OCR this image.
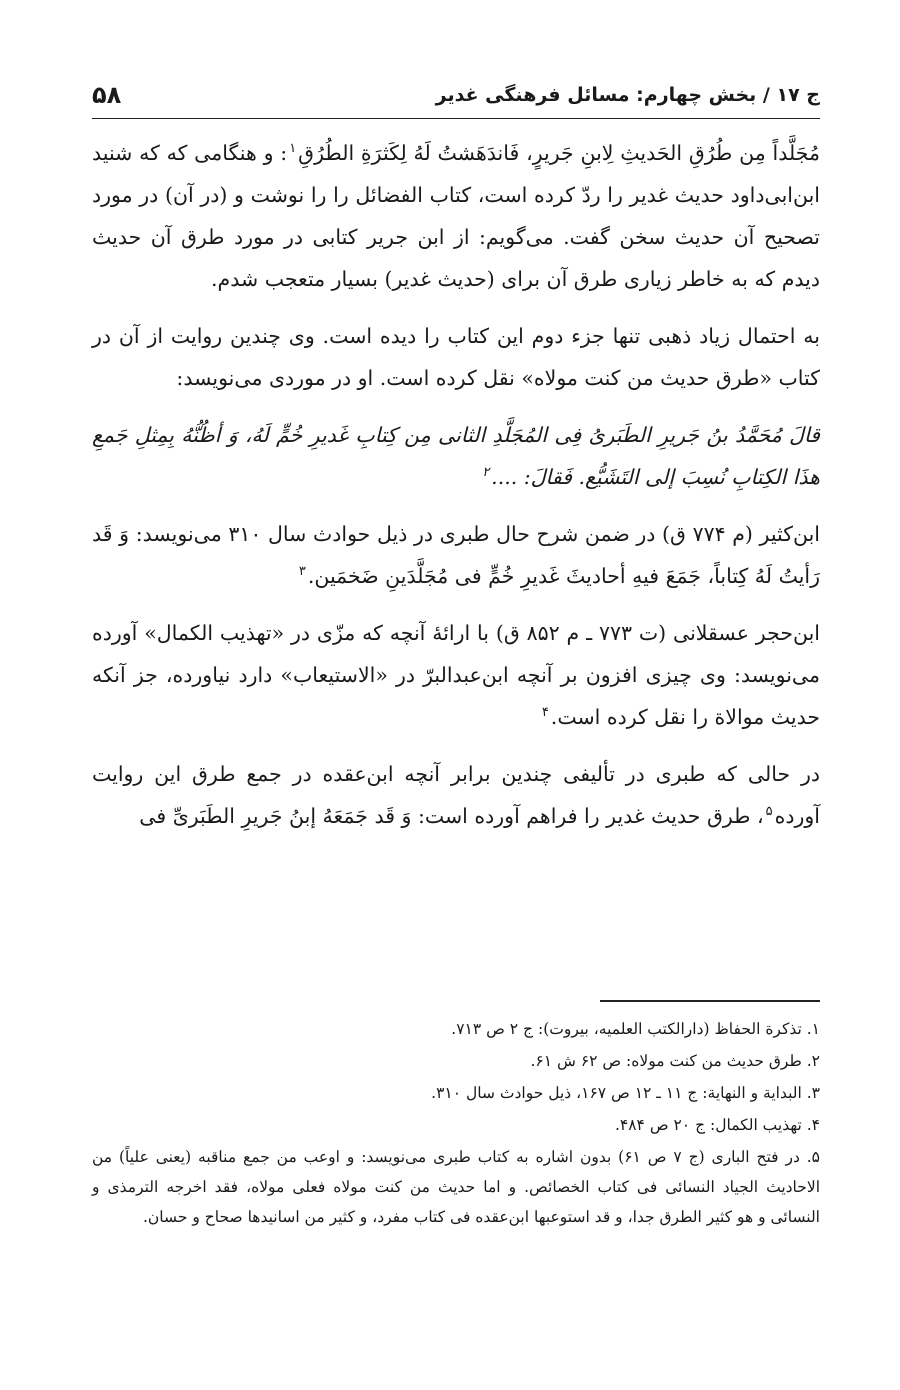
ج ۱۷ / بخش چهارم: مسائل فرهنگی غدیر
۵۸

مُجَلَّداً مِن طُرُقِ الحَدیثِ لِابنِ جَریرٍ، فَاندَهَشتُ لَهُ لِکَثرَةِ الطُرُقِ$^۱$: و هنگامی که که شنید ابن‌ابی‌داود حدیث غدیر را ردّ کرده است، کتاب الفضائل را را نوشت و (در آن) در مورد تصحیح آن حدیث سخن گفت. می‌گویم: از ابن جریر کتابی در مورد طرق آن حدیث دیدم که به خاطر زیاری طرق آن برای (حدیث غدیر) بسیار متعجب شدم.

به احتمال زیاد ذهبی تنها جزء دوم این کتاب را دیده است. وی چندین روایت از آن در کتاب «طرق حدیث من کنت مولاه» نقل کرده است. او در موردی می‌نویسد:

قالَ مُحَمَّدُ بنُ جَریرِ الطَبَریُ فِی المُجَلَّدِ الثانی مِن کِتابِ غَدیرِ خُمٍّ لَهُ، وَ أظُنُّهُ بِمِثلِ جَمعِ هذَا الکِتابِ نُسِبَ إلی التَشَیُّع. فَقالَ: ....$^۲$

ابن‌کثیر (م ۷۷۴ ق) در ضمن شرح حال طبری در ذیل حوادث سال ۳۱۰ می‌نویسد: وَ قَد رَأیتُ لَهُ کِتاباً، جَمَعَ فیهِ أحادیثَ غَدیرِ خُمٍّ فی مُجَلَّدَینِ ضَخمَین.$^۳$

ابن‌حجر عسقلانی (ت ۷۷۳ ـ م ۸۵۲ ق) با ارائهٔ آنچه که مزّی در «تهذیب الکمال» آورده می‌نویسد: وی چیزی افزون بر آنچه ابن‌عبدالبرّ در «الاستیعاب» دارد نیاورده، جز آنکه حدیث موالاة را نقل کرده است.$^۴$

در حالی که طبری در تألیفی چندین برابر آنچه ابن‌عقده در جمع طرق این روایت آورده$^۵$، طرق حدیث غدیر را فراهم آورده است: وَ قَد جَمَعَهُ إبنُ جَریرِ الطَبَریِّ فی

۱. تذکرة الحفاظ (دارالکتب العلمیه، بیروت): ج ۲ ص ۷۱۳.

۲. طرق حدیث من کنت مولاه: ص ۶۲ ش ۶۱.

۳. البدایة و النهایة: ج ۱۱ ـ ۱۲ ص ۱۶۷، ذیل حوادث سال ۳۱۰.

۴. تهذیب الکمال: ج ۲۰ ص ۴۸۴.

۵. در فتح الباری (ج ۷ ص ۶۱) بدون اشاره به کتاب طبری می‌نویسد: و اوعب من جمع مناقبه (یعنی علیاً) من الاحادیث الجیاد النسائی فی کتاب الخصائص. و اما حدیث من کنت مولاه فعلی مولاه، فقد اخرجه الترمذی و النسائی و هو کثیر الطرق جدا، و قد استوعبها ابن‌عقده فی کتاب مفرد، و کثیر من اسانیدها صحاح و حسان.
